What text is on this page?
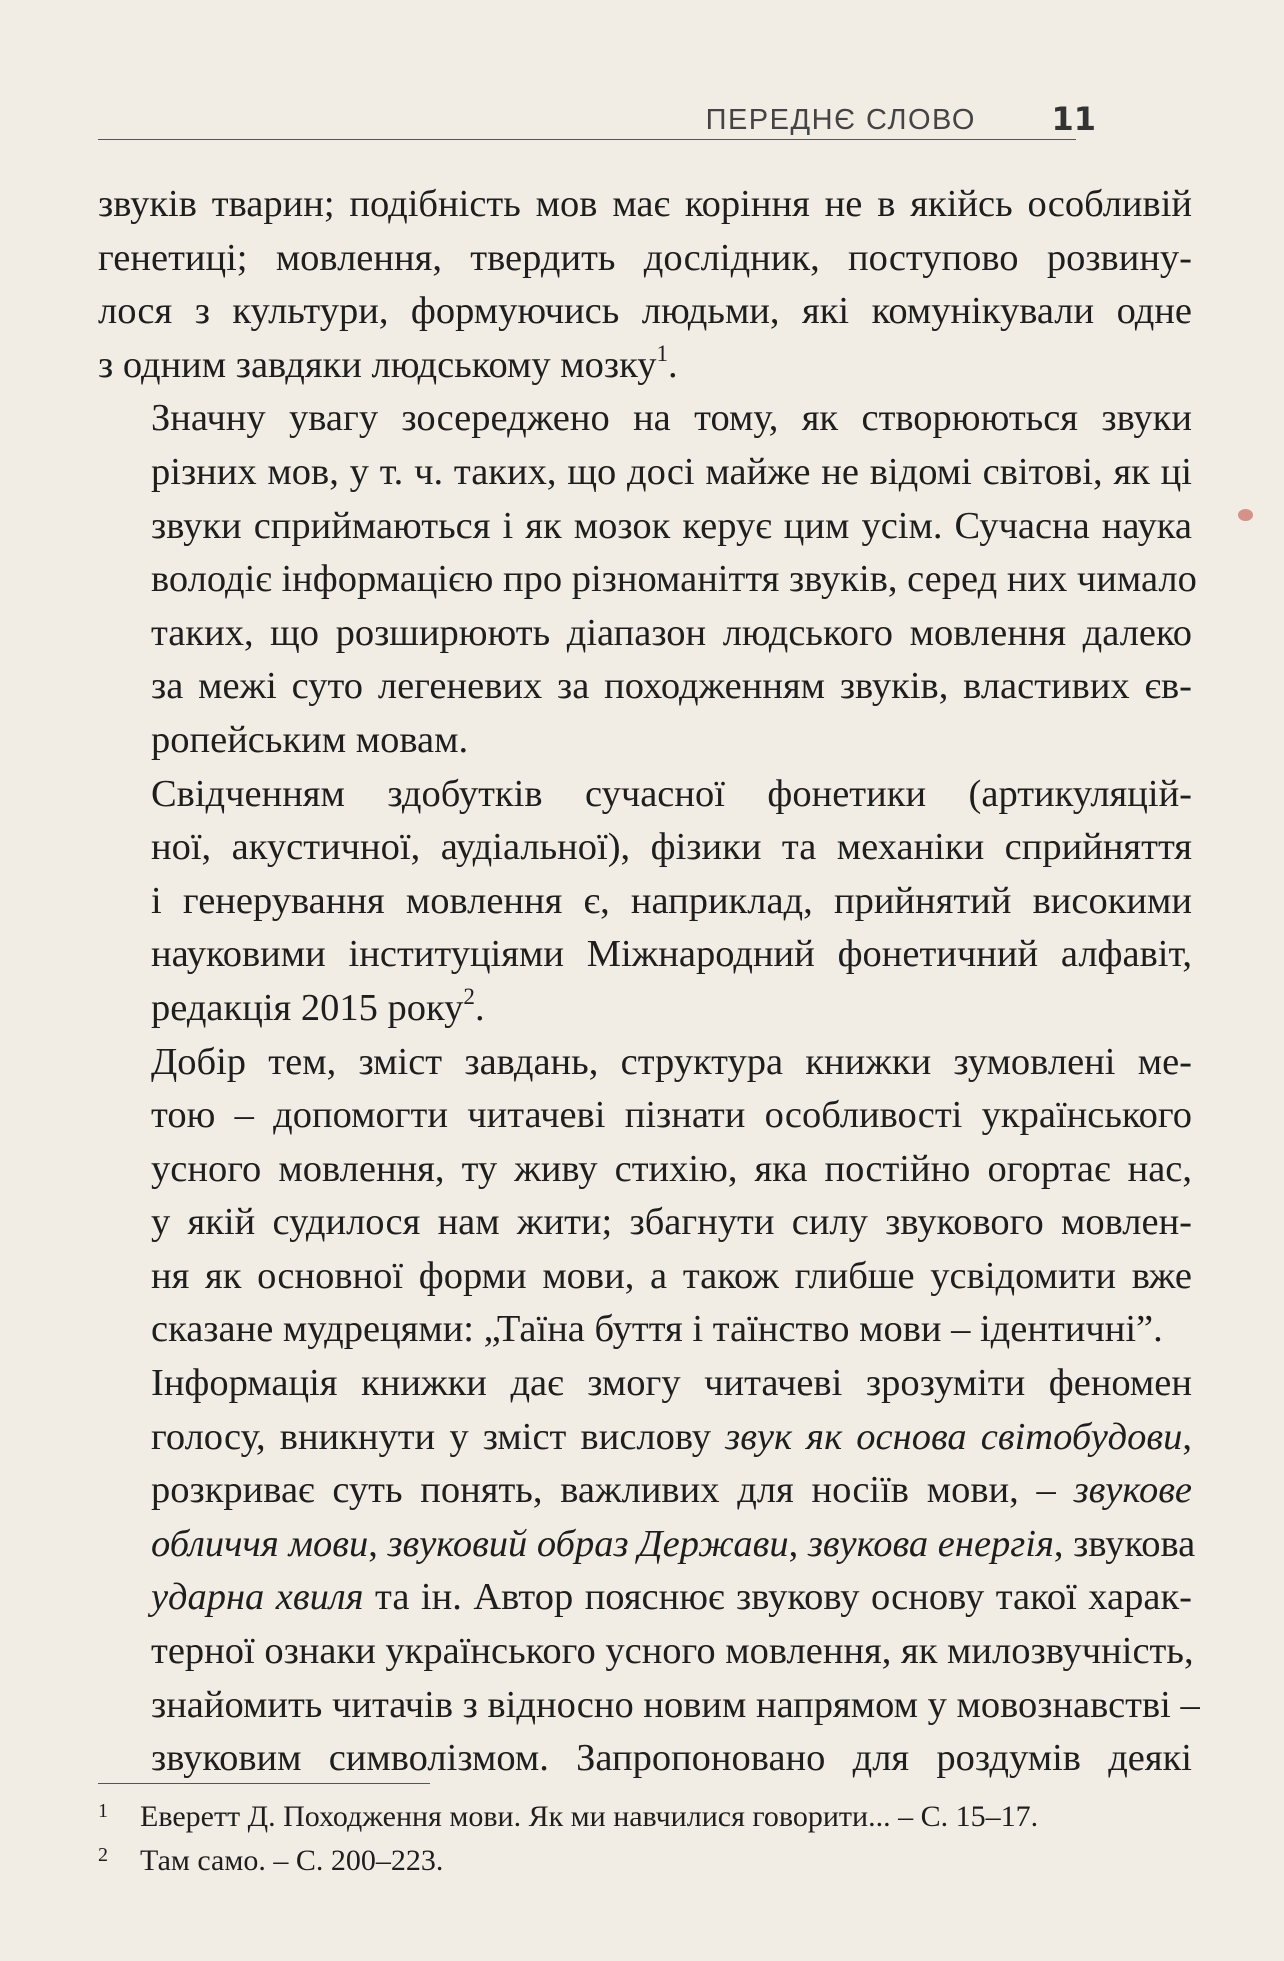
ПЕРЕДНЄ СЛОВО 11

звуків тварин; подібність мов має коріння не в якійсь особливій
генетиці; мовлення, твердить дослідник, поступово розвину-
лося з культури, формуючись людьми, які комунікували одне
з одним завдяки людському мозку$^1$.

Значну увагу зосереджено на тому, як створюються звуки
різних мов, у т. ч. таких, що досі майже не відомі світові, як ці
звуки сприймаються і як мозок керує цим усім. Сучасна наука
володіє інформацією про різноманіття звуків, серед них чимало
таких, що розширюють діапазон людського мовлення далеко
за межі суто легеневих за походженням звуків, властивих єв-
ропейським мовам.

Свідченням здобутків сучасної фонетики (артикуляцій-
ної, акустичної, аудіальної), фізики та механіки сприйняття
і генерування мовлення є, наприклад, прийнятий високими
науковими інституціями Міжнародний фонетичний алфавіт,
редакція 2015 року$^2$.

Добір тем, зміст завдань, структура книжки зумовлені ме-
тою – допомогти читачеві пізнати особливості українського
усного мовлення, ту живу стихію, яка постійно огортає нас,
у якій судилося нам жити; збагнути силу звукового мовлен-
ня як основної форми мови, а також глибше усвідомити вже
сказане мудрецями: „Таїна буття і таїнство мови – ідентичні”.

Інформація книжки дає змогу читачеві зрозуміти феномен
голосу, вникнути у зміст вислову звук як основа світобудови,
розкриває суть понять, важливих для носіїв мови, – звукове
обличчя мови, звуковий образ Держави, звукова енергія, звукова
ударна хвиля та ін. Автор пояснює звукову основу такої харак-
терної ознаки українського усного мовлення, як милозвучність,
знайомить читачів з відносно новим напрямом у мовознавстві –
звуковим символізмом. Запропоновано для роздумів деякі

1	Еверетт Д. Походження мови. Як ми навчилися говорити... – С. 15–17.
2	Там само. – С. 200–223.
